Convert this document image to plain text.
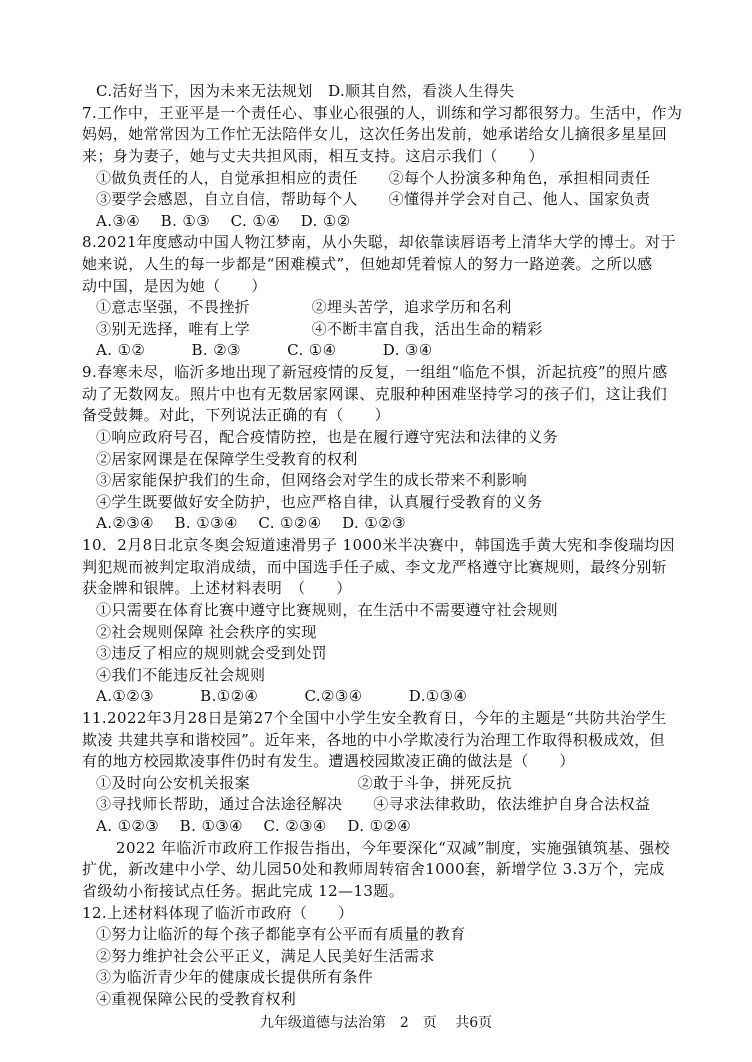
C.活好当下，因为未来无法规划　D.顺其自然，看淡人生得失
7.工作中，王亚平是一个责任心、事业心很强的人，训练和学习都很努力。生活中，作为
妈妈，她常常因为工作忙无法陪伴女儿，这次任务出发前，她承诺给女儿摘很多星星回
来；身为妻子，她与丈夫共担风雨，相互支持。这启示我们（　　）
①做负责任的人，自觉承担相应的责任　　②每个人扮演多种角色，承担相同责任
③要学会感恩，自立自信，帮助每个人　　④懂得并学会对自己、他人、国家负责
A.③④　 B. ①③　 C. ①④　 D. ①②
8.2021年度感动中国人物江梦南，从小失聪，却依靠读唇语考上清华大学的博士。对于
她来说，人生的每一步都是“困难模式”，但她却凭着惊人的努力一路逆袭。之所以感
动中国，是因为她（　　）
①意志坚强，不畏挫折　　　　②埋头苦学，追求学历和名利
③别无选择，唯有上学　　　　④不断丰富自我，活出生命的精彩
A. ①②　　　B. ②③　　　C. ①④　　　D. ③④
9.春寒未尽，临沂多地出现了新冠疫情的反复，一组组“临危不惧，沂起抗疫”的照片感
动了无数网友。照片中也有无数居家网课、克服种种困难坚持学习的孩子们，这让我们
备受鼓舞。对此，下列说法正确的有（　　）
①响应政府号召，配合疫情防控，也是在履行遵守宪法和法律的义务
②居家网课是在保障学生受教育的权利
③居家能保护我们的生命，但网络会对学生的成长带来不利影响
④学生既要做好安全防护，也应严格自律，认真履行受教育的义务
A.②③④　 B. ①③④　 C. ①②④　 D. ①②③
10．2月8日北京冬奥会短道速滑男子 1000米半决赛中，韩国选手黄大宪和李俊瑞均因
判犯规而被判定取消成绩，而中国选手任子威、李文龙严格遵守比赛规则，最终分别斩
获金牌和银牌。上述材料表明　（　　）
①只需要在体育比赛中遵守比赛规则，在生活中不需要遵守社会规则
②社会规则保障 社会秩序的实现
③违反了相应的规则就会受到处罚
④我们不能违反社会规则
A.①②③　　　B.①②④　　　C.②③④　　　D.①③④
11.2022年3月28日是第27个全国中小学生安全教育日，今年的主题是“共防共治学生
欺凌 共建共享和谐校园”。近年来，各地的中小学欺凌行为治理工作取得积极成效，但
有的地方校园欺凌事件仍时有发生。遭遇校园欺凌正确的做法是（　　）
①及时向公安机关报案　　　　　　　②敢于斗争，拼死反抗
③寻找师长帮助，通过合法途径解决　　④寻求法律救助，依法维护自身合法权益
A. ①②③　 B. ①③④　 C. ②③④　 D. ①②④
2022 年临沂市政府工作报告指出，今年要深化“双减”制度，实施强镇筑基、强校
扩优，新改建中小学、幼儿园50处和教师周转宿舍1000套，新增学位 3.3万个，完成
省级幼小衔接试点任务。据此完成 12—13题。
12.上述材料体现了临沂市政府（　　）
①努力让临沂的每个孩子都能享有公平而有质量的教育
②努力维护社会公平正义，满足人民美好生活需求
③为临沂青少年的健康成长提供所有条件
④重视保障公民的受教育权利
九年级道德与法治第　2　页　 共6页
